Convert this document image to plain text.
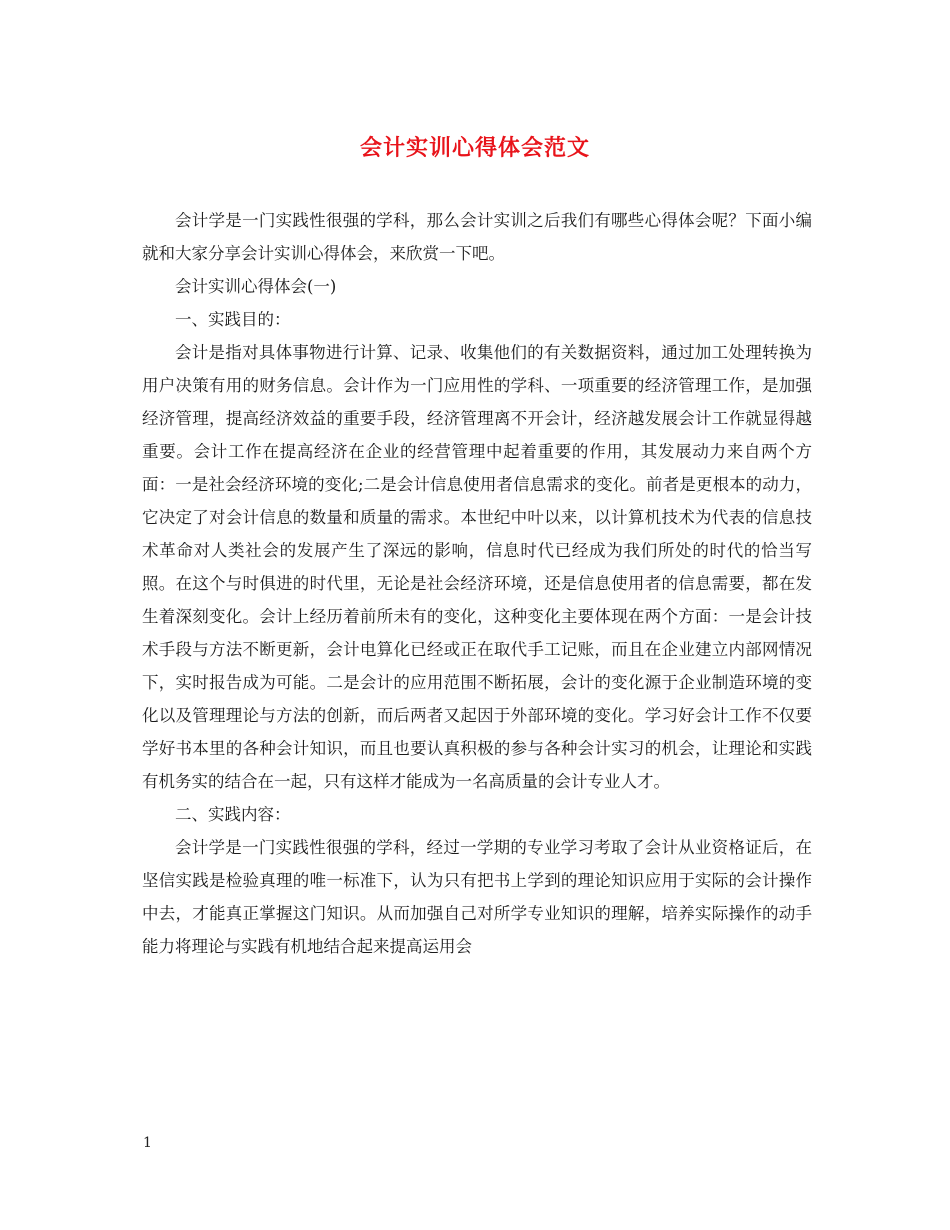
会计实训心得体会范文

会计学是一门实践性很强的学科，那么会计实训之后我们有哪些心得体会呢？下面小编就和大家分享会计实训心得体会，来欣赏一下吧。

会计实训心得体会(一)

一、实践目的：

会计是指对具体事物进行计算、记录、收集他们的有关数据资料，通过加工处理转换为用户决策有用的财务信息。会计作为一门应用性的学科、一项重要的经济管理工作，是加强经济管理，提高经济效益的重要手段，经济管理离不开会计，经济越发展会计工作就显得越重要。会计工作在提高经济在企业的经营管理中起着重要的作用，其发展动力来自两个方面：一是社会经济环境的变化;二是会计信息使用者信息需求的变化。前者是更根本的动力，它决定了对会计信息的数量和质量的需求。本世纪中叶以来，以计算机技术为代表的信息技术革命对人类社会的发展产生了深远的影响，信息时代已经成为我们所处的时代的恰当写照。在这个与时俱进的时代里，无论是社会经济环境，还是信息使用者的信息需要，都在发生着深刻变化。会计上经历着前所未有的变化，这种变化主要体现在两个方面：一是会计技术手段与方法不断更新，会计电算化已经或正在取代手工记账，而且在企业建立内部网情况下，实时报告成为可能。二是会计的应用范围不断拓展，会计的变化源于企业制造环境的变化以及管理理论与方法的创新，而后两者又起因于外部环境的变化。学习好会计工作不仅要学好书本里的各种会计知识，而且也要认真积极的参与各种会计实习的机会，让理论和实践有机务实的结合在一起，只有这样才能成为一名高质量的会计专业人才。

二、实践内容：

会计学是一门实践性很强的学科，经过一学期的专业学习考取了会计从业资格证后，在坚信实践是检验真理的唯一标准下，认为只有把书上学到的理论知识应用于实际的会计操作中去，才能真正掌握这门知识。从而加强自己对所学专业知识的理解，培养实际操作的动手能力将理论与实践有机地结合起来提高运用会

1
